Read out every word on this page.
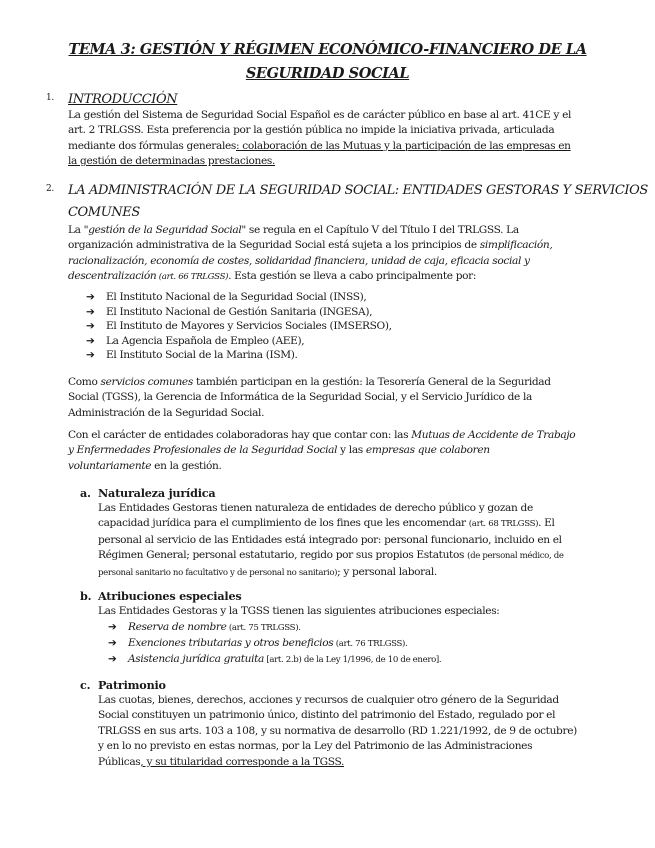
TEMA 3: GESTIÓN Y RÉGIMEN ECONÓMICO-FINANCIERO DE LA
SEGURIDAD SOCIAL
1. INTRODUCCIÓN
La gestión del Sistema de Seguridad Social Español es de carácter público en base al art. 41CE y el
art. 2 TRLGSS. Esta preferencia por la gestión pública no impide la iniciativa privada, articulada
mediante dos fórmulas generales: colaboración de las Mutuas y la participación de las empresas en
la gestión de determinadas prestaciones.
2. LA ADMINISTRACIÓN DE LA SEGURIDAD SOCIAL: ENTIDADES GESTORAS Y SERVICIOS
COMUNES
La "gestión de la Seguridad Social" se regula en el Capítulo V del Título I del TRLGSS. La
organización administrativa de la Seguridad Social está sujeta a los principios de simplificación,
racionalización, economía de costes, solidaridad financiera, unidad de caja, eficacia social y
descentralización (art. 66 TRLGSS). Esta gestión se lleva a cabo principalmente por:
➔ El Instituto Nacional de la Seguridad Social (INSS),
➔ El Instituto Nacional de Gestión Sanitaria (INGESA),
➔ El Instituto de Mayores y Servicios Sociales (IMSERSO),
➔ La Agencia Española de Empleo (AEE),
➔ El Instituto Social de la Marina (ISM).
Como servicios comunes también participan en la gestión: la Tesorería General de la Seguridad
Social (TGSS), la Gerencia de Informática de la Seguridad Social, y el Servicio Jurídico de la
Administración de la Seguridad Social.
Con el carácter de entidades colaboradoras hay que contar con: las Mutuas de Accidente de Trabajo
y Enfermedades Profesionales de la Seguridad Social y las empresas que colaboren
voluntariamente en la gestión.
a. Naturaleza jurídica
Las Entidades Gestoras tienen naturaleza de entidades de derecho público y gozan de
capacidad jurídica para el cumplimiento de los fines que les encomendar (art. 68 TRLGSS). El
personal al servicio de las Entidades está integrado por: personal funcionario, incluido en el
Régimen General; personal estatutario, regido por sus propios Estatutos (de personal médico, de
personal sanitario no facultativo y de personal no sanitario); y personal laboral.
b. Atribuciones especiales
Las Entidades Gestoras y la TGSS tienen las siguientes atribuciones especiales:
➔ Reserva de nombre (art. 75 TRLGSS).
➔ Exenciones tributarias y otros beneficios (art. 76 TRLGSS).
➔ Asistencia jurídica gratuita [art. 2.b) de la Ley 1/1996, de 10 de enero].
c. Patrimonio
Las cuotas, bienes, derechos, acciones y recursos de cualquier otro género de la Seguridad
Social constituyen un patrimonio único, distinto del patrimonio del Estado, regulado por el
TRLGSS en sus arts. 103 a 108, y su normativa de desarrollo (RD 1.221/1992, de 9 de octubre)
y en lo no previsto en estas normas, por la Ley del Patrimonio de las Administraciones
Públicas, y su titularidad corresponde a la TGSS.
